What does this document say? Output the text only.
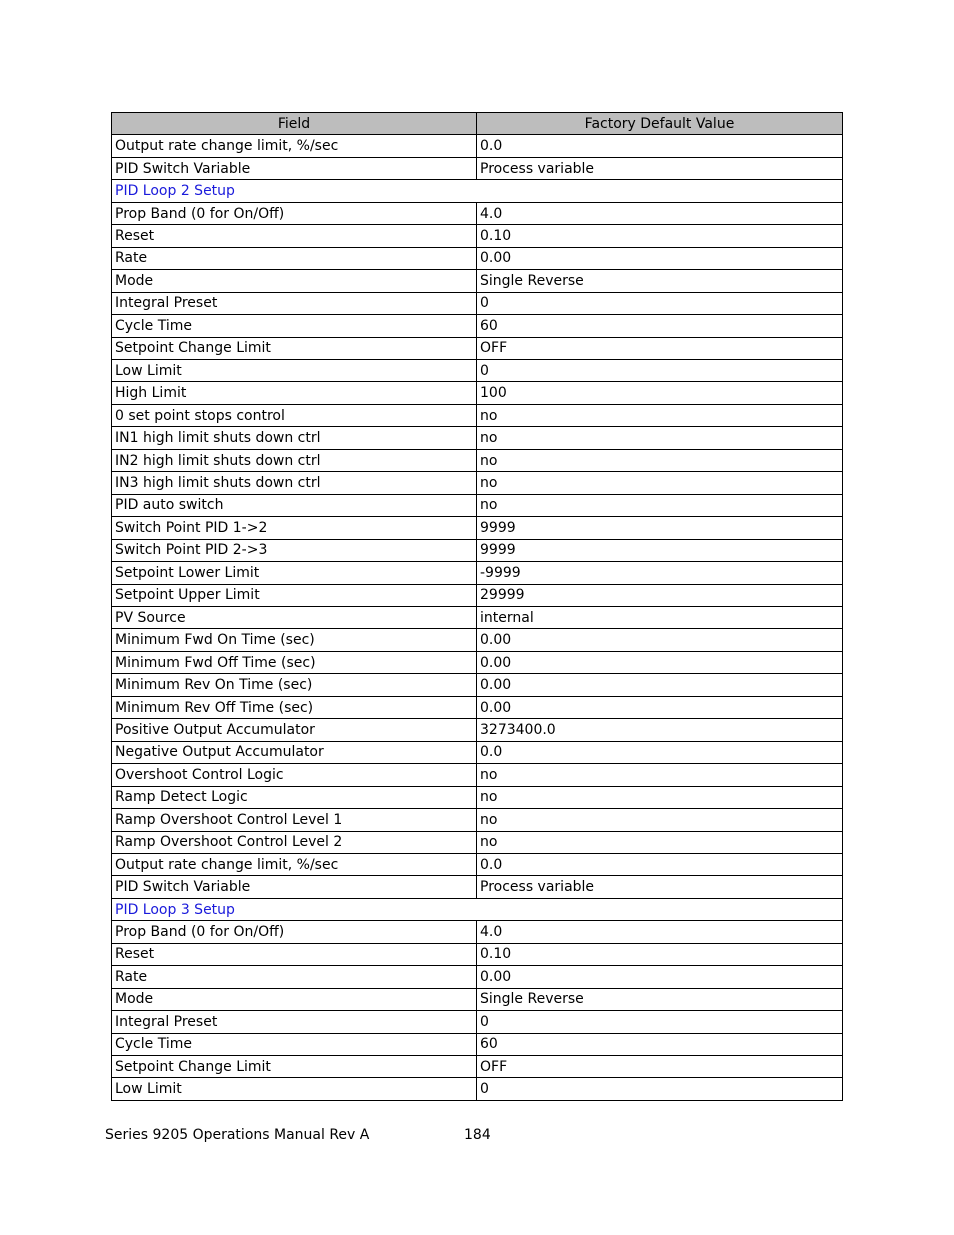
Field	Factory Default Value
Output rate change limit, %/sec	0.0
PID Switch Variable	Process variable
PID Loop 2 Setup	
Prop Band (0 for On/Off)	4.0
Reset	0.10
Rate	0.00
Mode	Single Reverse
Integral Preset	0
Cycle Time	60
Setpoint Change Limit	OFF
Low Limit	0
High Limit	100
0 set point stops control	no
IN1 high limit shuts down ctrl	no
IN2 high limit shuts down ctrl	no
IN3 high limit shuts down ctrl	no
PID auto switch	no
Switch Point PID 1->2	9999
Switch Point PID 2->3	9999
Setpoint Lower Limit	-9999
Setpoint Upper Limit	29999
PV Source	internal
Minimum Fwd On Time (sec)	0.00
Minimum Fwd Off Time (sec)	0.00
Minimum Rev On Time (sec)	0.00
Minimum Rev Off Time (sec)	0.00
Positive Output Accumulator	3273400.0
Negative Output Accumulator	0.0
Overshoot Control Logic	no
Ramp Detect Logic	no
Ramp Overshoot Control Level 1	no
Ramp Overshoot Control Level 2	no
Output rate change limit, %/sec	0.0
PID Switch Variable	Process variable
PID Loop 3 Setup	
Prop Band (0 for On/Off)	4.0
Reset	0.10
Rate	0.00
Mode	Single Reverse
Integral Preset	0
Cycle Time	60
Setpoint Change Limit	OFF
Low Limit	0
Series 9205 Operations Manual Rev A	184
